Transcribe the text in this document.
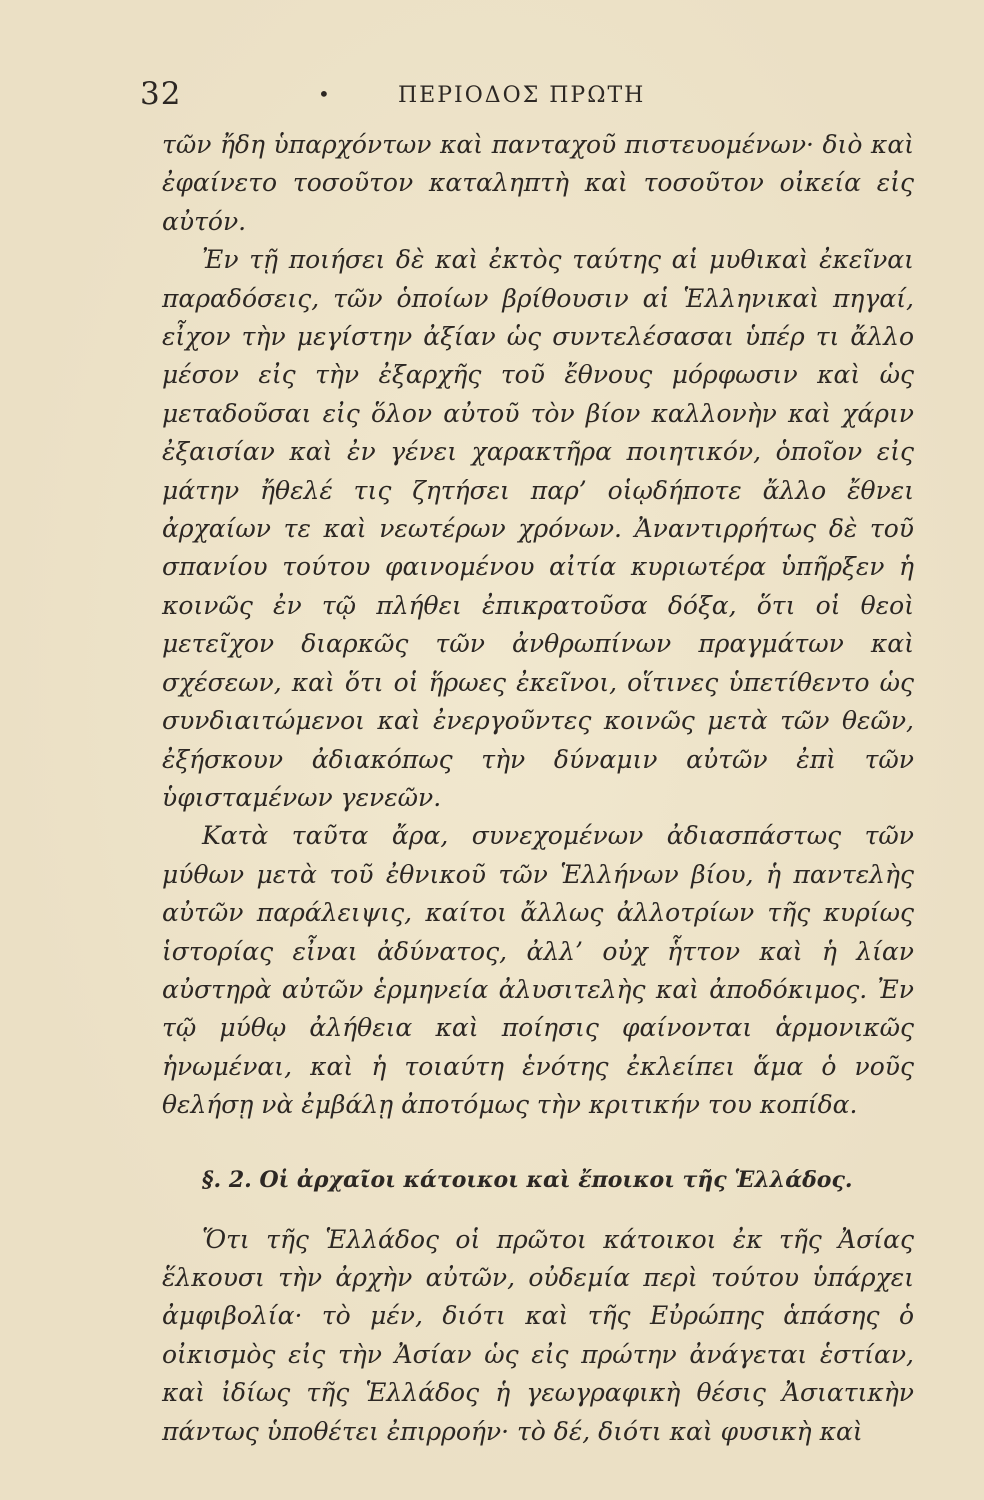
32	•	ΠΕΡΙΟΔΟΣ ΠΡΩΤΗ

τῶν ἤδη ὑπαρχόντων καὶ πανταχοῦ πιστευομένων· διὸ καὶ ἐφαίνετο τοσοῦτον καταληπτὴ καὶ τοσοῦτον οἰκεία εἰς αὐτόν.

Ἐν τῇ ποιήσει δὲ καὶ ἐκτὸς ταύτης αἱ μυθικαὶ ἐκεῖναι παραδόσεις, τῶν ὁποίων βρίθουσιν αἱ Ἑλληνικαὶ πηγαί, εἶχον τὴν μεγίστην ἀξίαν ὡς συντελέσασαι ὑπέρ τι ἄλλο μέσον εἰς τὴν ἐξαρχῆς τοῦ ἔθνους μόρφωσιν καὶ ὡς μεταδοῦσαι εἰς ὅλον αὐτοῦ τὸν βίον καλλονὴν καὶ χάριν ἐξαισίαν καὶ ἐν γένει χαρακτῆρα ποιητικόν, ὁποῖον εἰς μάτην ἤθελέ τις ζητήσει παρ’ οἱῳδήποτε ἄλλο ἔθνει ἀρχαίων τε καὶ νεωτέρων χρόνων. Ἀναντιρρήτως δὲ τοῦ σπανίου τούτου φαινομένου αἰτία κυριωτέρα ὑπῆρξεν ἡ κοινῶς ἐν τῷ πλήθει ἐπικρατοῦσα δόξα, ὅτι οἱ θεοὶ μετεῖχον διαρκῶς τῶν ἀνθρωπίνων πραγμάτων καὶ σχέσεων, καὶ ὅτι οἱ ἥρωες ἐκεῖνοι, οἵτινες ὑπετίθεντο ὡς συνδιαιτώμενοι καὶ ἐνεργοῦντες κοινῶς μετὰ τῶν θεῶν, ἐξήσκουν ἀδιακόπως τὴν δύναμιν αὐτῶν ἐπὶ τῶν ὑφισταμένων γενεῶν.

Κατὰ ταῦτα ἄρα, συνεχομένων ἀδιασπάστως τῶν μύθων μετὰ τοῦ ἐθνικοῦ τῶν Ἑλλήνων βίου, ἡ παντελὴς αὐτῶν παράλειψις, καίτοι ἄλλως ἀλλοτρίων τῆς κυρίως ἱστορίας εἶναι ἀδύνατος, ἀλλ’ οὐχ ἧττον καὶ ἡ λίαν αὐστηρὰ αὐτῶν ἑρμηνεία ἀλυσιτελὴς καὶ ἀποδόκιμος. Ἐν τῷ μύθῳ ἀλήθεια καὶ ποίησις φαίνονται ἁρμονικῶς ἡνωμέναι, καὶ ἡ τοιαύτη ἑνότης ἐκλείπει ἅμα ὁ νοῦς θελήσῃ νὰ ἐμβάλῃ ἀποτόμως τὴν κριτικήν του κοπίδα.

§. 2. Οἱ ἀρχαῖοι κάτοικοι καὶ ἔποικοι τῆς Ἑλλάδος.

Ὅτι τῆς Ἑλλάδος οἱ πρῶτοι κάτοικοι ἐκ τῆς Ἀσίας ἕλκουσι τὴν ἀρχὴν αὐτῶν, οὐδεμία περὶ τούτου ὑπάρχει ἀμφιβολία· τὸ μέν, διότι καὶ τῆς Εὐρώπης ἁπάσης ὁ οἰκισμὸς εἰς τὴν Ἀσίαν ὡς εἰς πρώτην ἀνάγεται ἑστίαν, καὶ ἰδίως τῆς Ἑλλάδος ἡ γεωγραφικὴ θέσις Ἀσιατικὴν πάντως ὑποθέτει ἐπιρροήν· τὸ δέ, διότι καὶ φυσικὴ καὶ
